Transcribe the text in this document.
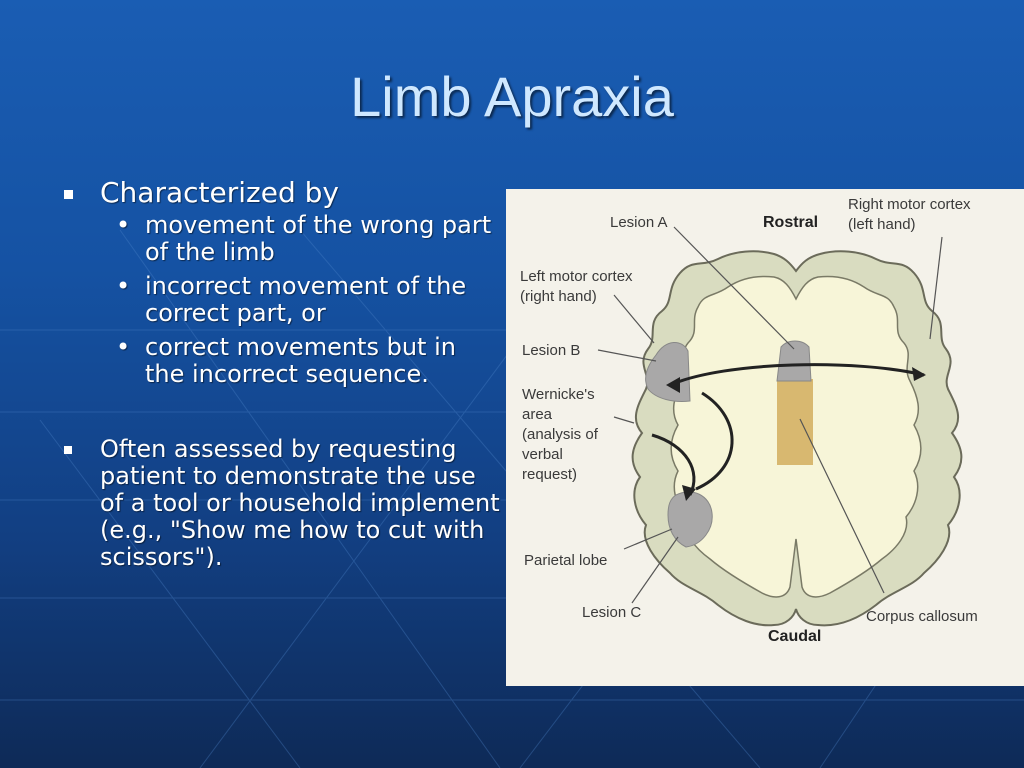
Limb Apraxia
Characterized by
• movement of the wrong part of the limb
• incorrect movement of the correct part, or
• correct movements but in the incorrect sequence.
Often assessed by requesting patient to demonstrate the use of a tool or household implement (e.g., "Show me how to cut with scissors").
Lesion A	Rostral
Right motor cortex
(left hand)
Left motor cortex
(right hand)
Lesion B
Wernicke's
area
(analysis of
verbal
request)
Parietal lobe
Lesion C	Corpus callosum
Caudal
